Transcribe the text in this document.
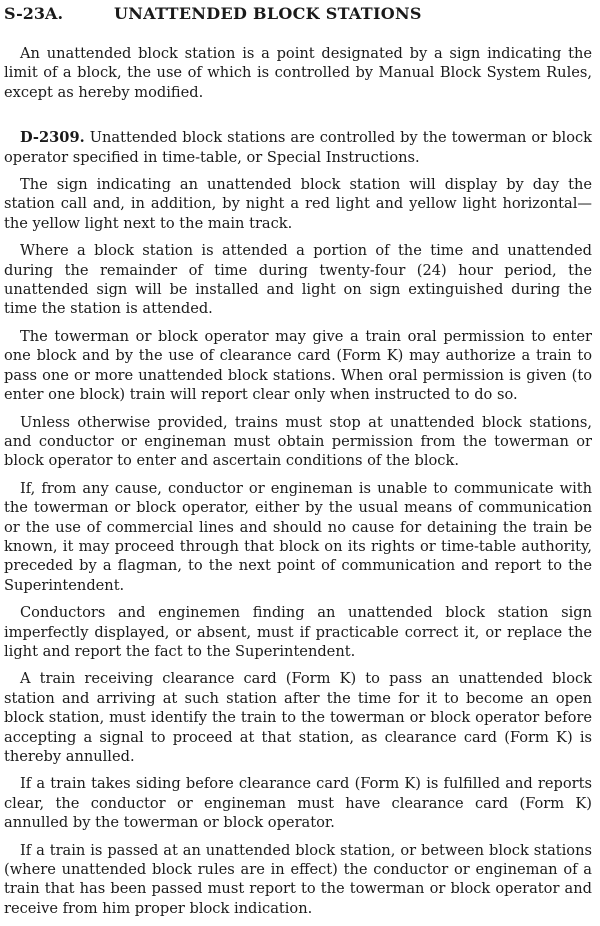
S-23A.	UNATTENDED BLOCK STATIONS

An unattended block station is a point designated by a sign indicating the limit of a block, the use of which is controlled by Manual Block System Rules, except as hereby modified.

D-2309. Unattended block stations are controlled by the towerman or block operator specified in time-table, or Special Instructions.

The sign indicating an unattended block station will display by day the station call and, in addition, by night a red light and yellow light horizontal—the yellow light next to the main track.

Where a block station is attended a portion of the time and unattended during the remainder of time during twenty-four (24) hour period, the unattended sign will be installed and light on sign extinguished during the time the station is attended.

The towerman or block operator may give a train oral permission to enter one block and by the use of clearance card (Form K) may authorize a train to pass one or more unattended block stations. When oral permission is given (to enter one block) train will report clear only when instructed to do so.

Unless otherwise provided, trains must stop at unattended block stations, and conductor or engineman must obtain permission from the towerman or block operator to enter and ascertain conditions of the block.

If, from any cause, conductor or engineman is unable to communicate with the towerman or block operator, either by the usual means of communication or the use of commercial lines and should no cause for detaining the train be known, it may proceed through that block on its rights or time-table authority, preceded by a flagman, to the next point of communication and report to the Superintendent.

Conductors and enginemen finding an unattended block station sign imperfectly displayed, or absent, must if practicable correct it, or replace the light and report the fact to the Superintendent.

A train receiving clearance card (Form K) to pass an unattended block station and arriving at such station after the time for it to become an open block station, must identify the train to the towerman or block operator before accepting a signal to proceed at that station, as clearance card (Form K) is thereby annulled.

If a train takes siding before clearance card (Form K) is fulfilled and reports clear, the conductor or engineman must have clearance card (Form K) annulled by the towerman or block operator.

If a train is passed at an unattended block station, or between block stations (where unattended block rules are in effect) the conductor or engineman of a train that has been passed must report to the towerman or block operator and receive from him proper block indication.
